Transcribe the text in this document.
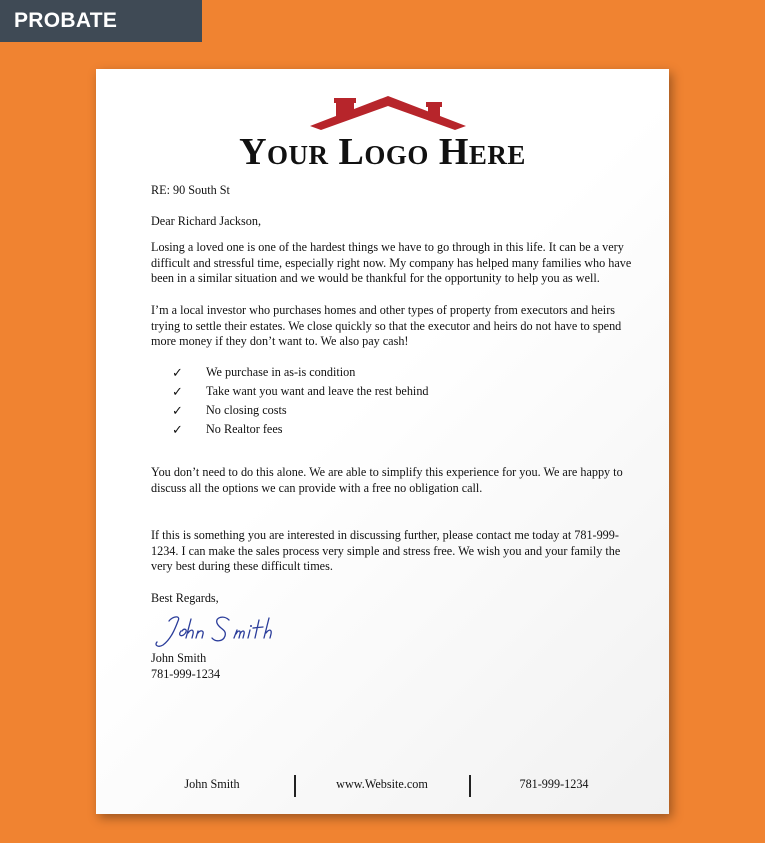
PROBATE
Your Logo Here
RE: 90 South St
Dear Richard Jackson,
Losing a loved one is one of the hardest things we have to go through in this life. It can be a very difficult and stressful time, especially right now. My company has helped many families who have been in a similar situation and we would be thankful for the opportunity to help you as well.
I’m a local investor who purchases homes and other types of property from executors and heirs trying to settle their estates. We close quickly so that the executor and heirs do not have to spend more money if they don’t want to. We also pay cash!
✓	We purchase in as-is condition
✓	Take want you want and leave the rest behind
✓	No closing costs
✓	No Realtor fees
You don’t need to do this alone. We are able to simplify this experience for you. We are happy to discuss all the options we can provide with a free no obligation call.
If this is something you are interested in discussing further, please contact me today at 781-999-1234. I can make the sales process very simple and stress free. We wish you and your family the very best during these difficult times.
Best Regards,
John Smith
781-999-1234
John Smith	www.Website.com	781-999-1234
